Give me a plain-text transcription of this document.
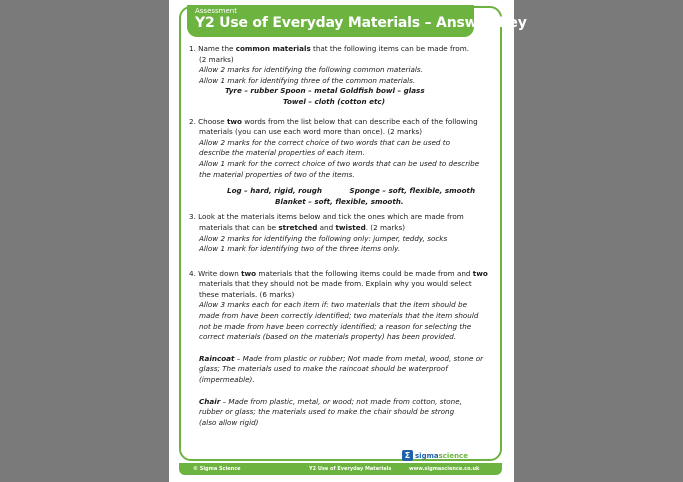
Assessment
Y2 Use of Everyday Materials – Answer Key

1. Name the common materials that the following items can be made from.

(2 marks)

Allow 2 marks for identifying the following common materials.

Allow 1 mark for identifying three of the common materials.

Tyre – rubber Spoon – metal Goldfish bowl – glass

Towel – cloth (cotton etc)

2. Choose two words from the list below that can describe each of the following

materials (you can use each word more than once). (2 marks)

Allow 2 marks for the correct choice of two words that can be used to

describe the material properties of each item.

Allow 1 mark for the correct choice of two words that can be used to describe

the material properties of two of the items.

Log – hard, rigid, rough           Sponge – soft, flexible, smooth

Blanket – soft, flexible, smooth.

3. Look at the materials items below and tick the ones which are made from

materials that can be stretched and twisted. (2 marks)

Allow 2 marks for identifying the following only: jumper, teddy, socks

Allow 1 mark for identifying two of the three items only.

4. Write down two materials that the following items could be made from and two

materials that they should not be made from. Explain why you would select

these materials. (6 marks)

Allow 3 marks each for each item if: two materials that the item should be

made from have been correctly identified; two materials that the item should

not be made from have been correctly identified; a reason for selecting the

correct materials (based on the materials property) has been provided.

Raincoat – Made from plastic or rubber; Not made from metal, wood, stone or

glass; The materials used to make the raincoat should be waterproof

(impermeable).

Chair – Made from plastic, metal, or wood; not made from cotton, stone,

rubber or glass; the materials used to make the chair should be strong

(also allow rigid)

Σ sigmascience
© Sigma Science	Y2 Use of Everyday Materials	www.sigmascience.co.uk
